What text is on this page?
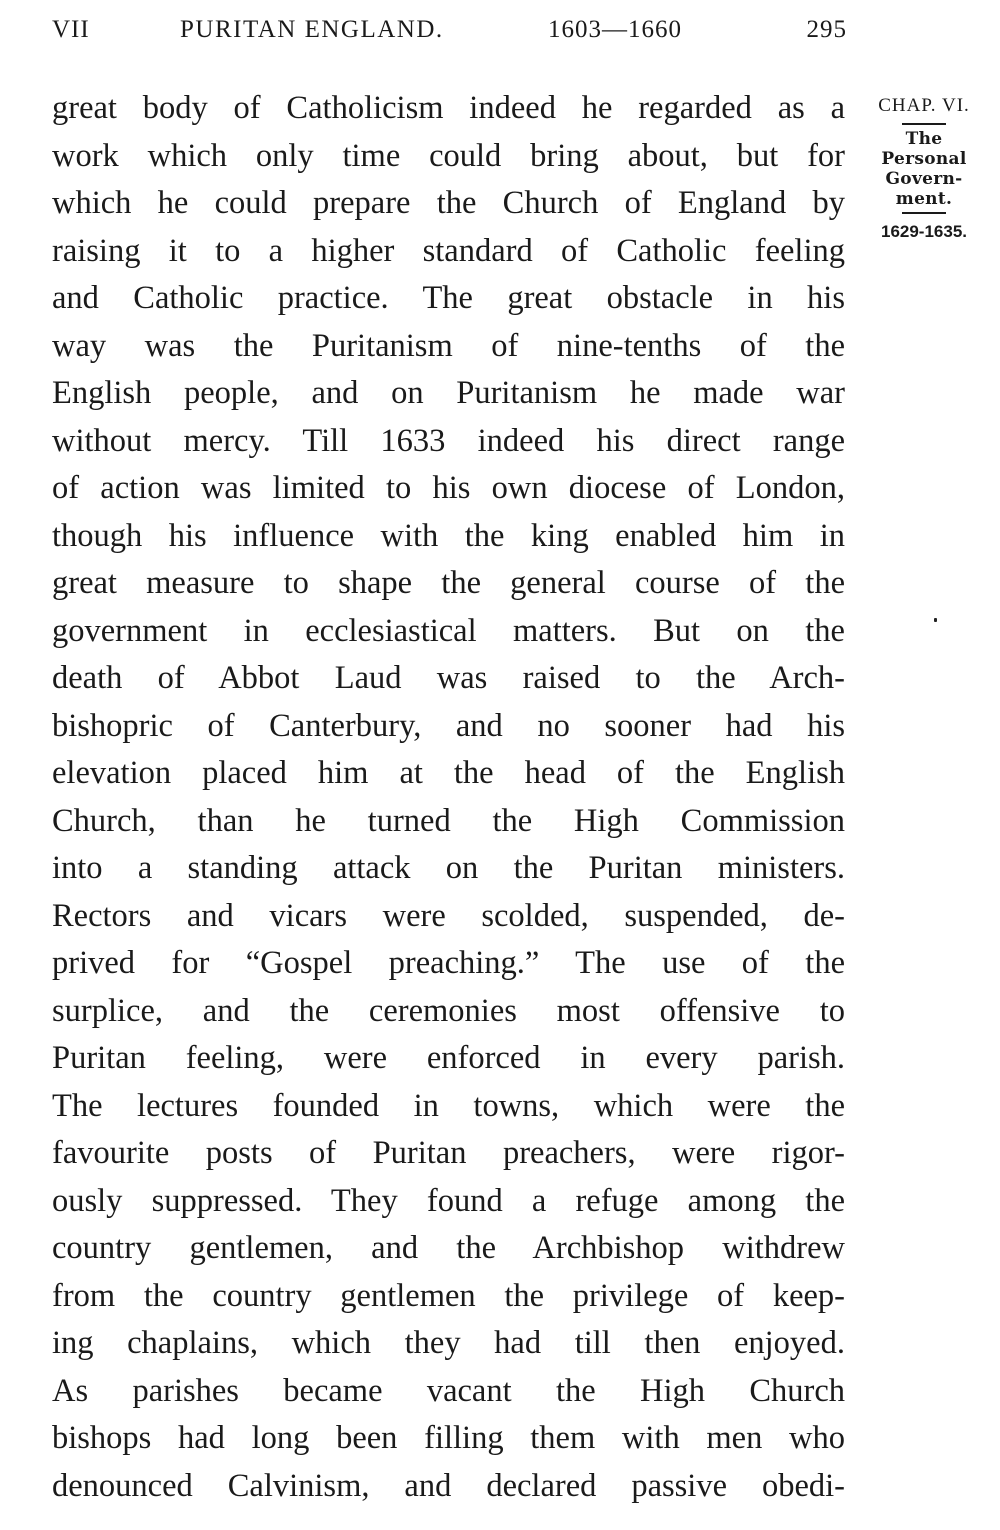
VII	PURITAN ENGLAND.	1603—1660	295
great body of Catholicism indeed he regarded as a
work which only time could bring about, but for
which he could prepare the Church of England by
raising it to a higher standard of Catholic feeling
and Catholic practice. The great obstacle in his
way was the Puritanism of nine-tenths of the
English people, and on Puritanism he made war
without mercy. Till 1633 indeed his direct range
of action was limited to his own diocese of London,
though his influence with the king enabled him in
great measure to shape the general course of the
government in ecclesiastical matters. But on the
death of Abbot Laud was raised to the Arch-
bishopric of Canterbury, and no sooner had his
elevation placed him at the head of the English
Church, than he turned the High Commission
into a standing attack on the Puritan ministers.
Rectors and vicars were scolded, suspended, de-
prived for “Gospel preaching.” The use of the
surplice, and the ceremonies most offensive to
Puritan feeling, were enforced in every parish.
The lectures founded in towns, which were the
favourite posts of Puritan preachers, were rigor-
ously suppressed. They found a refuge among the
country gentlemen, and the Archbishop withdrew
from the country gentlemen the privilege of keep-
ing chaplains, which they had till then enjoyed.
As parishes became vacant the High Church
bishops had long been filling them with men who
denounced Calvinism, and declared passive obedi-
CHAP. VI.
The
Personal
Govern-
ment.
1629-1635.
